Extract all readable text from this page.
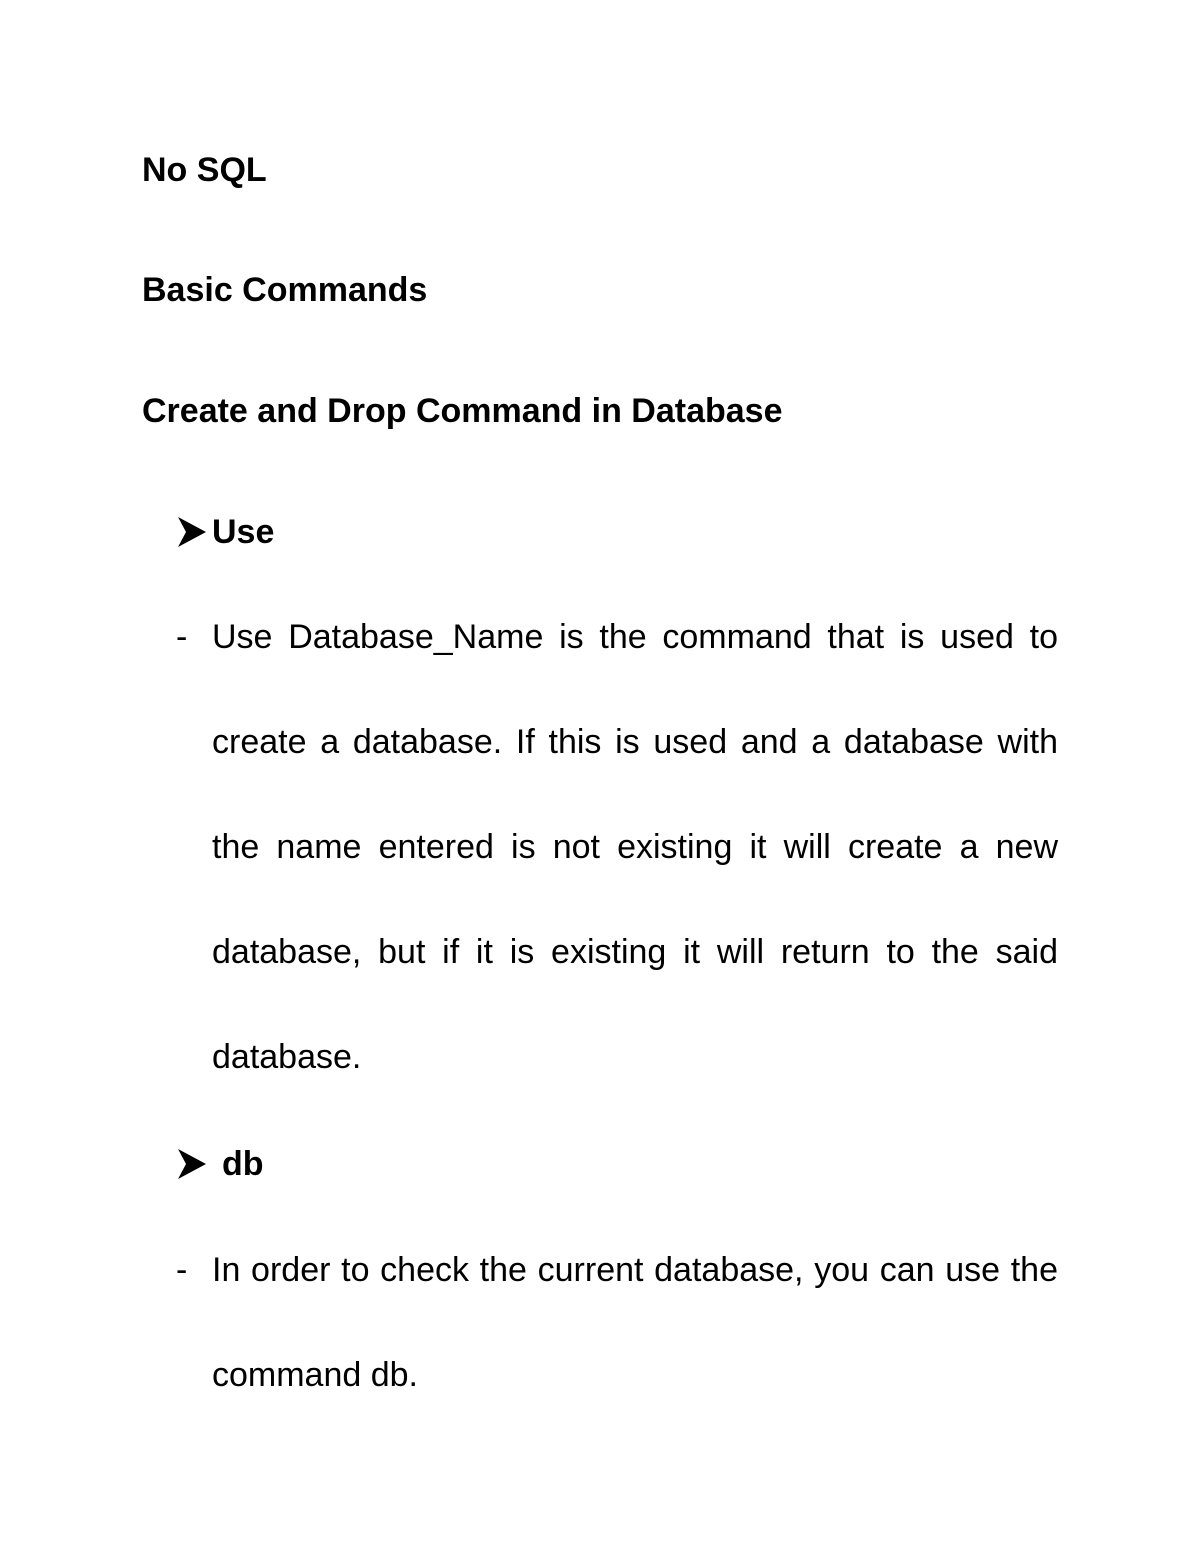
No SQL
Basic Commands
Create and Drop Command in Database
Use
- Use Database_Name is the command that is used to create a database. If this is used and a database with the name entered is not existing it will create a new database, but if it is existing it will return to the said database.
db
- In order to check the current database, you can use the command db.
